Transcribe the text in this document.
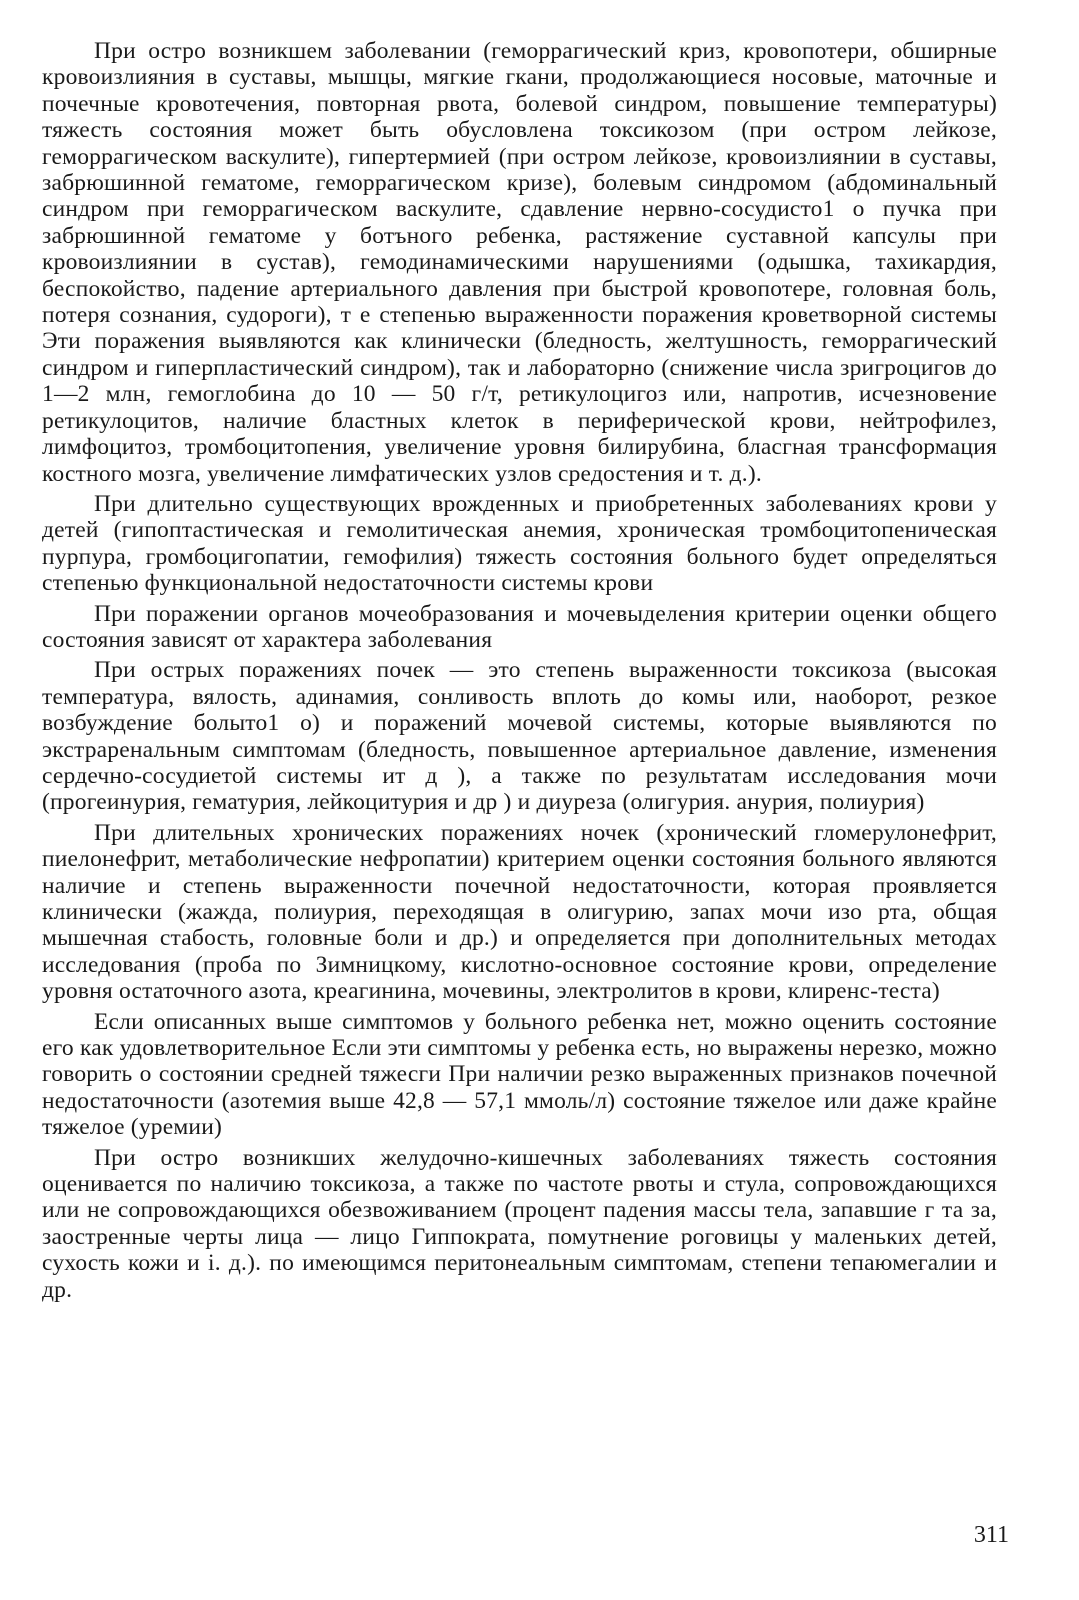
При остро возникшем заболевании (геморрагический криз, кровопотери, обширные кровоизлияния в суставы, мышцы, мягкие гкани, продолжающиеся носовые, маточные и почечные кровотечения, повторная рвота, болевой синдром, повышение температуры) тяжесть состояния может быть обусловлена токсикозом (при остром лейкозе, геморрагическом васкулите), гипертермией (при остром лейкозе, кровоизлиянии в суставы, забрюшинной гематоме, геморрагическом кризе), болевым синдромом (абдоминальный синдром при геморрагическом васкулите, сдавление нервно-сосудисто1 о пучка при забрюшинной гематоме у ботъного ребенка, растяжение суставной капсулы при кровоизлиянии в сустав), гемодинамическими нарушениями (одышка, тахикардия, беспокойство, падение артериального давления при быстрой кровопотере, головная боль, потеря сознания, судороги), т е степенью выраженности поражения кроветворной системы Эти поражения выявляются как клинически (бледность, желтушность, геморрагический синдром и гиперпластический синдром), так и лабораторно (снижение числа зригроцигов до 1—2 млн, гемоглобина до 10 — 50 г/т, ретикулоцигоз или, напротив, исчезновение ретикулоцитов, наличие бластных клеток в периферической крови, нейтрофилез, лимфоцитоз, тромбоцитопения, увеличение уровня билирубина, бласгная трансформация костного мозга, увеличение лимфатических узлов средостения и т. д.).

При длительно существующих врожденных и приобретенных заболеваниях крови у детей (гипоптастическая и гемолитическая анемия, хроническая тромбоцитопеническая пурпура, громбоцигопатии, гемофилия) тяжесть состояния больного будет определяться степенью функциональной недостаточности системы крови

При поражении органов мочеобразования и мочевыделения критерии оценки общего состояния зависят от характера заболевания

При острых поражениях почек — это степень выраженности токсикоза (высокая температура, вялость, адинамия, сонливость вплоть до комы или, наоборот, резкое возбуждение болыто1 о) и поражений мочевой системы, которые выявляются по экстраренальным симптомам (бледность, повышенное артериальное давление, изменения сердечно-сосудиетой системы ит д ), а также по результатам исследования мочи (прогеинурия, гематурия, лейкоцитурия и др ) и диуреза (олигурия. анурия, полиурия)

При длительных хронических поражениях ночек (хронический гломерулонефрит, пиелонефрит, метаболические нефропатии) критерием оценки состояния больного являются наличие и степень выраженности почечной недостаточности, которая проявляется клинически (жажда, полиурия, переходящая в олигурию, запах мочи изо рта, общая мышечная стабость, головные боли и др.) и определяется при дополнительных методах исследования (проба по Зимницкому, кислотно-основное состояние крови, определение уровня остаточного азота, креагинина, мочевины, электролитов в крови, клиренс-теста)

Если описанных выше симптомов у больного ребенка нет, можно оценить состояние его как удовлетворительное Если эти симптомы у ребенка есть, но выражены нерезко, можно говорить о состоянии средней тяжесги При наличии резко выраженных признаков почечной недостаточности (азотемия выше 42,8 — 57,1 ммоль/л) состояние тяжелое или даже крайне тяжелое (уремии)

При остро возникших желудочно-кишечных заболеваниях тяжесть состояния оценивается по наличию токсикоза, а также по частоте рвоты и стула, сопровождающихся или не сопровождающихся обезвоживанием (процент падения массы тела, запавшие г та за, заостренные черты лица — лицо Гиппократа, помутнение роговицы у маленьких детей, сухость кожи и i. д.). по имеющимся перитонеальным симптомам, степени тепаюмегалии и др.

311
